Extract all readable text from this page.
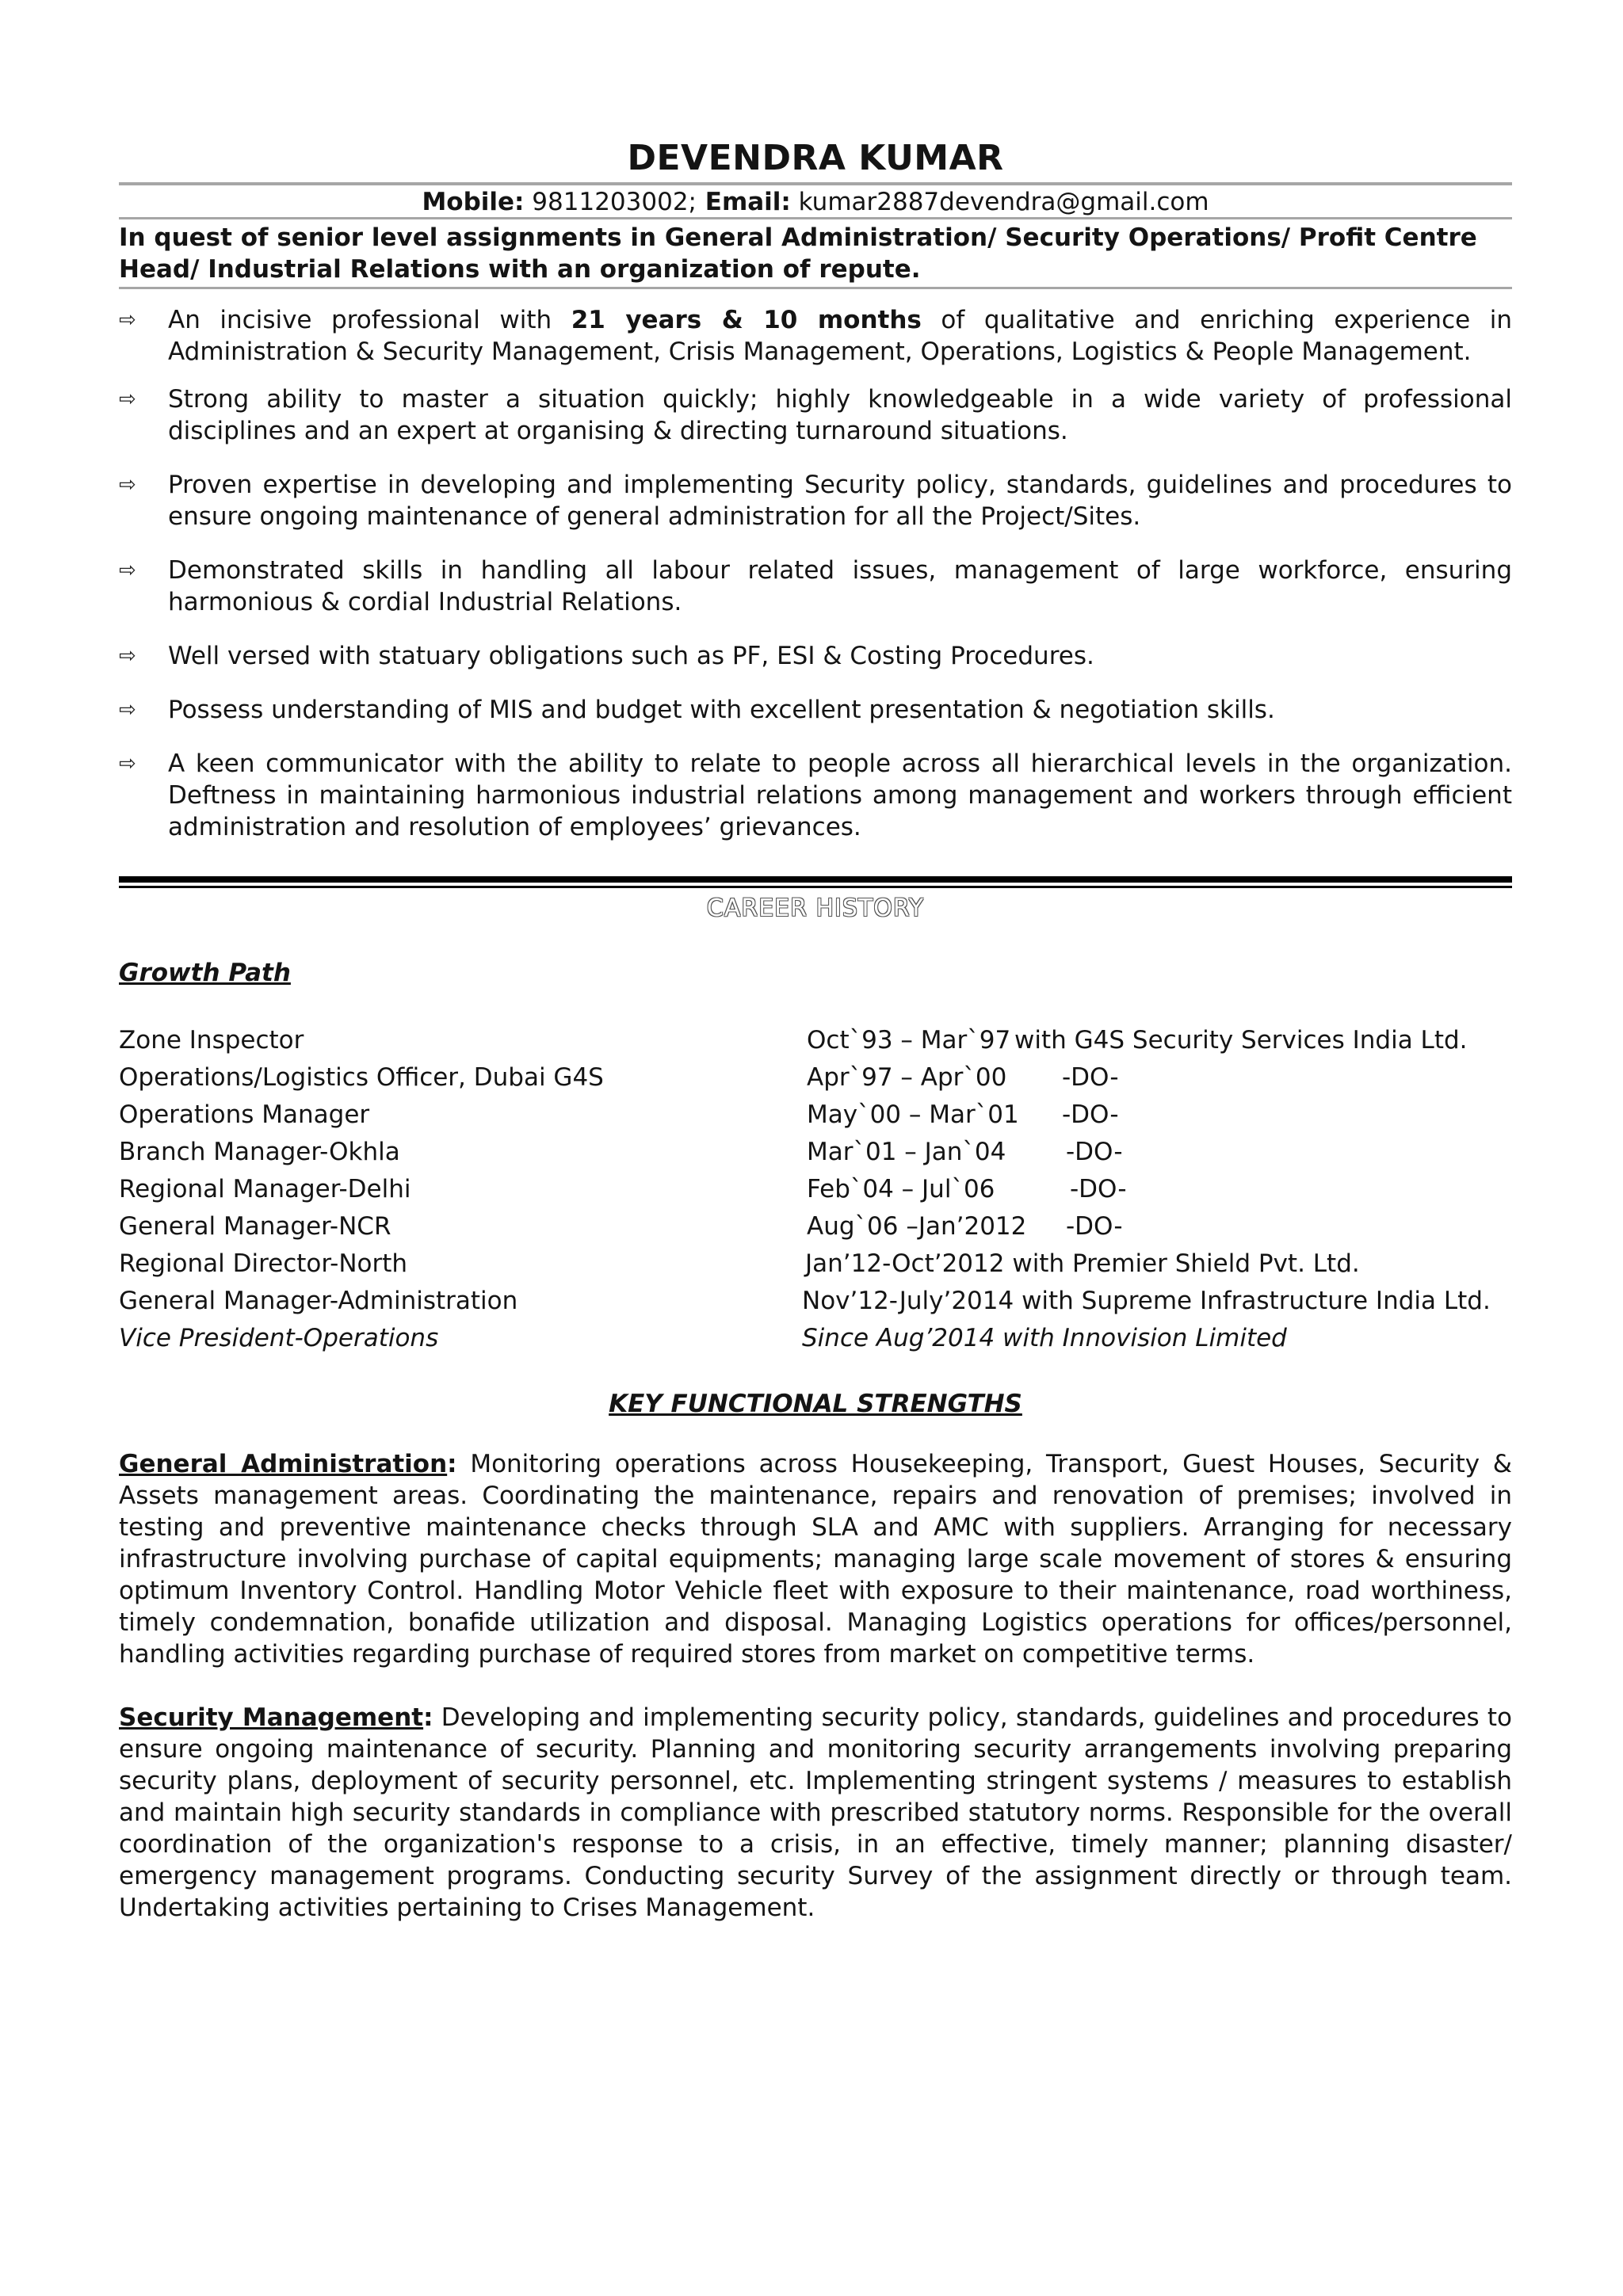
DEVENDRA KUMAR
Mobile: 9811203002; Email: kumar2887devendra@gmail.com
In quest of senior level assignments in General Administration/ Security Operations/ Profit Centre Head/ Industrial Relations with an organization of repute.
⇨	An incisive professional with 21 years & 10 months of qualitative and enriching experience in Administration & Security Management, Crisis Management, Operations, Logistics & People Management.
⇨	Strong ability to master a situation quickly; highly knowledgeable in a wide variety of professional disciplines and an expert at organising & directing turnaround situations.
⇨	Proven expertise in developing and implementing Security policy, standards, guidelines and procedures to ensure ongoing maintenance of general administration for all the Project/Sites.
⇨	Demonstrated skills in handling all labour related issues, management of large workforce, ensuring harmonious & cordial Industrial Relations.
⇨	Well versed with statuary obligations such as PF, ESI & Costing Procedures.
⇨	Possess understanding of MIS and budget with excellent presentation & negotiation skills.
⇨	A keen communicator with the ability to relate to people across all hierarchical levels in the organization. Deftness in maintaining harmonious industrial relations among management and workers through efficient administration and resolution of employees’ grievances.
CAREER HISTORY
Growth Path
Zone Inspector	Oct`93 – Mar`97 with G4S Security Services India Ltd.
Operations/Logistics Officer, Dubai G4S	Apr`97 – Apr`00 -DO-
Operations Manager	May`00 – Mar`01 -DO-
Branch Manager-Okhla	Mar`01 – Jan`04 -DO-
Regional Manager-Delhi	Feb`04 – Jul`06	-DO-
General Manager-NCR	Aug`06 –Jan’2012 -DO-
Regional Director-North	Jan’12-Oct’2012 with Premier Shield Pvt. Ltd.
General Manager-Administration	Nov’12-July’2014 with Supreme Infrastructure India Ltd.
Vice President-Operations	Since Aug’2014 with Innovision Limited
KEY FUNCTIONAL STRENGTHS
General Administration: Monitoring operations across Housekeeping, Transport, Guest Houses, Security & Assets management areas. Coordinating the maintenance, repairs and renovation of premises; involved in testing and preventive maintenance checks through SLA and AMC with suppliers. Arranging for necessary infrastructure involving purchase of capital equipments; managing large scale movement of stores & ensuring optimum Inventory Control. Handling Motor Vehicle fleet with exposure to their maintenance, road worthiness, timely condemnation, bonafide utilization and disposal. Managing Logistics operations for offices/personnel, handling activities regarding purchase of required stores from market on competitive terms.
Security Management: Developing and implementing security policy, standards, guidelines and procedures to ensure ongoing maintenance of security. Planning and monitoring security arrangements involving preparing security plans, deployment of security personnel, etc. Implementing stringent systems / measures to establish and maintain high security standards in compliance with prescribed statutory norms. Responsible for the overall coordination of the organization's response to a crisis, in an effective, timely manner; planning disaster/ emergency management programs. Conducting security Survey of the assignment directly or through team. Undertaking activities pertaining to Crises Management.
